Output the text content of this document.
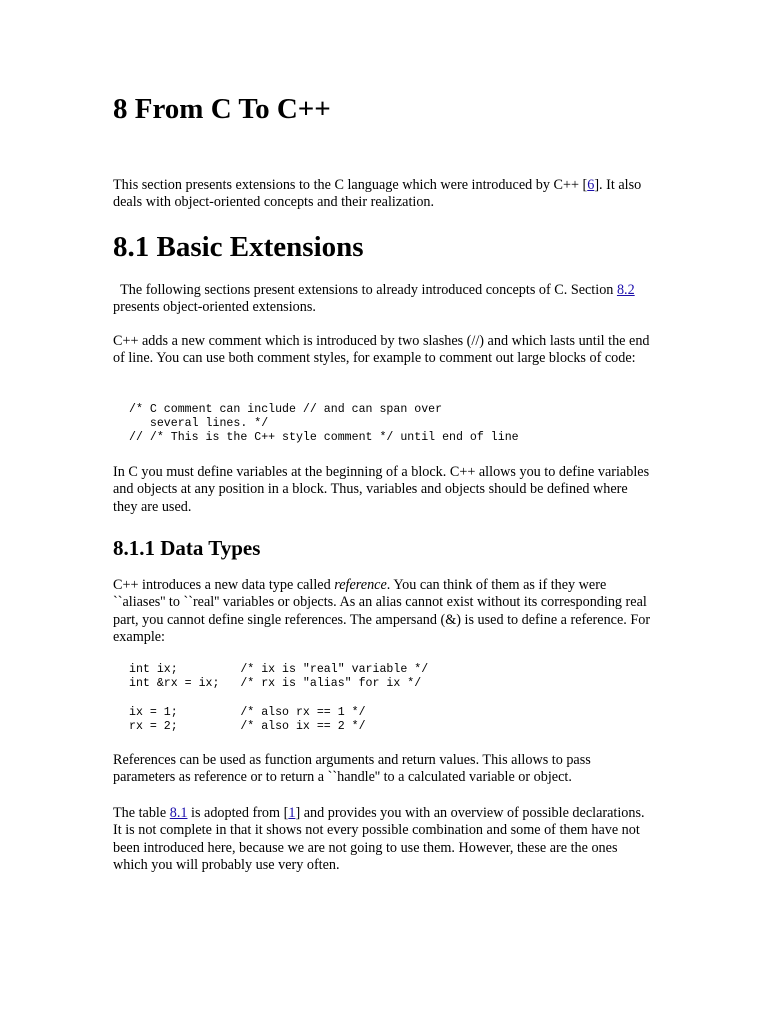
8 From C To C++

This section presents extensions to the C language which were introduced by C++ [6]. It also deals with object-oriented concepts and their realization.

8.1 Basic Extensions

The following sections present extensions to already introduced concepts of C. Section 8.2 presents object-oriented extensions.

C++ adds a new comment which is introduced by two slashes (//) and which lasts until the end of line. You can use both comment styles, for example to comment out large blocks of code:

/* C comment can include // and can span over
several lines. */
// /* This is the C++ style comment */ until end of line

In C you must define variables at the beginning of a block. C++ allows you to define variables and objects at any position in a block. Thus, variables and objects should be defined where they are used.

8.1.1 Data Types

C++ introduces a new data type called reference. You can think of them as if they were ``aliases'' to ``real'' variables or objects. As an alias cannot exist without its corresponding real part, you cannot define single references. The ampersand (&) is used to define a reference. For example:

int ix;         /* ix is "real" variable */
int &rx = ix;   /* rx is "alias" for ix */

ix = 1;         /* also rx == 1 */
rx = 2;         /* also ix == 2 */

References can be used as function arguments and return values. This allows to pass parameters as reference or to return a ``handle'' to a calculated variable or object.

The table 8.1 is adopted from [1] and provides you with an overview of possible declarations. It is not complete in that it shows not every possible combination and some of them have not been introduced here, because we are not going to use them. However, these are the ones which you will probably use very often.
